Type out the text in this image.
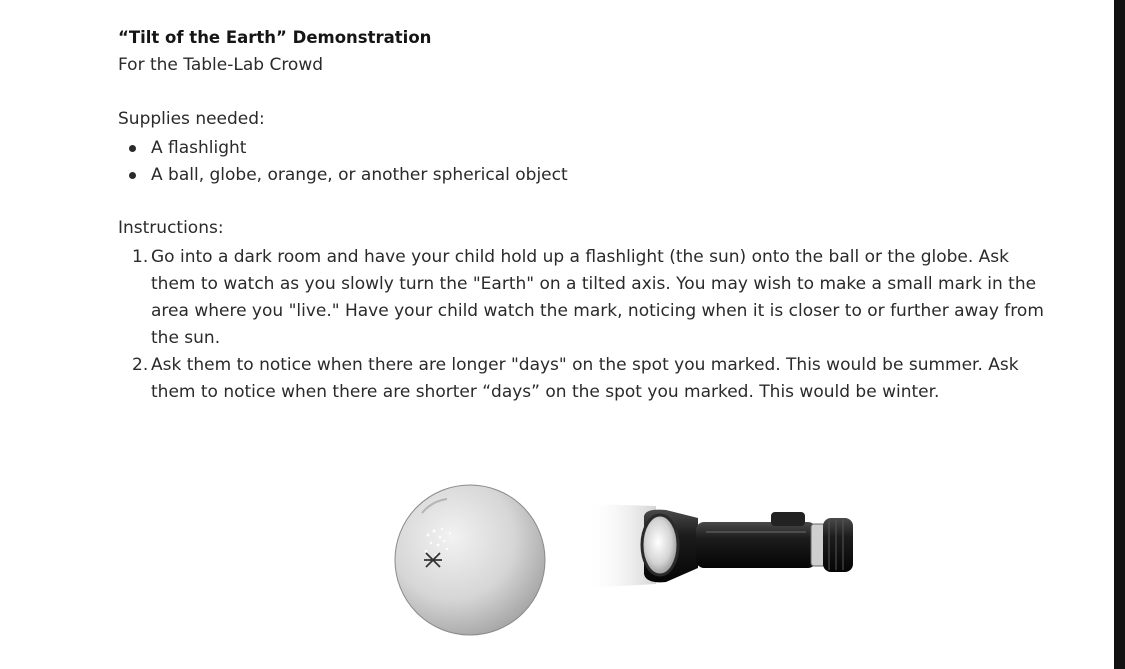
“Tilt of the Earth” Demonstration
For the Table-Lab Crowd
Supplies needed:
A flashlight
A ball, globe, orange, or another spherical object
Instructions:
1. Go into a dark room and have your child hold up a flashlight (the sun) onto the ball or the globe. Ask
them to watch as you slowly turn the "Earth" on a tilted axis. You may wish to make a small mark in the
area where you "live." Have your child watch the mark, noticing when it is closer to or further away from
the sun.
2. Ask them to notice when there are longer "days" on the spot you marked. This would be summer. Ask
them to notice when there are shorter “days” on the spot you marked. This would be winter.
